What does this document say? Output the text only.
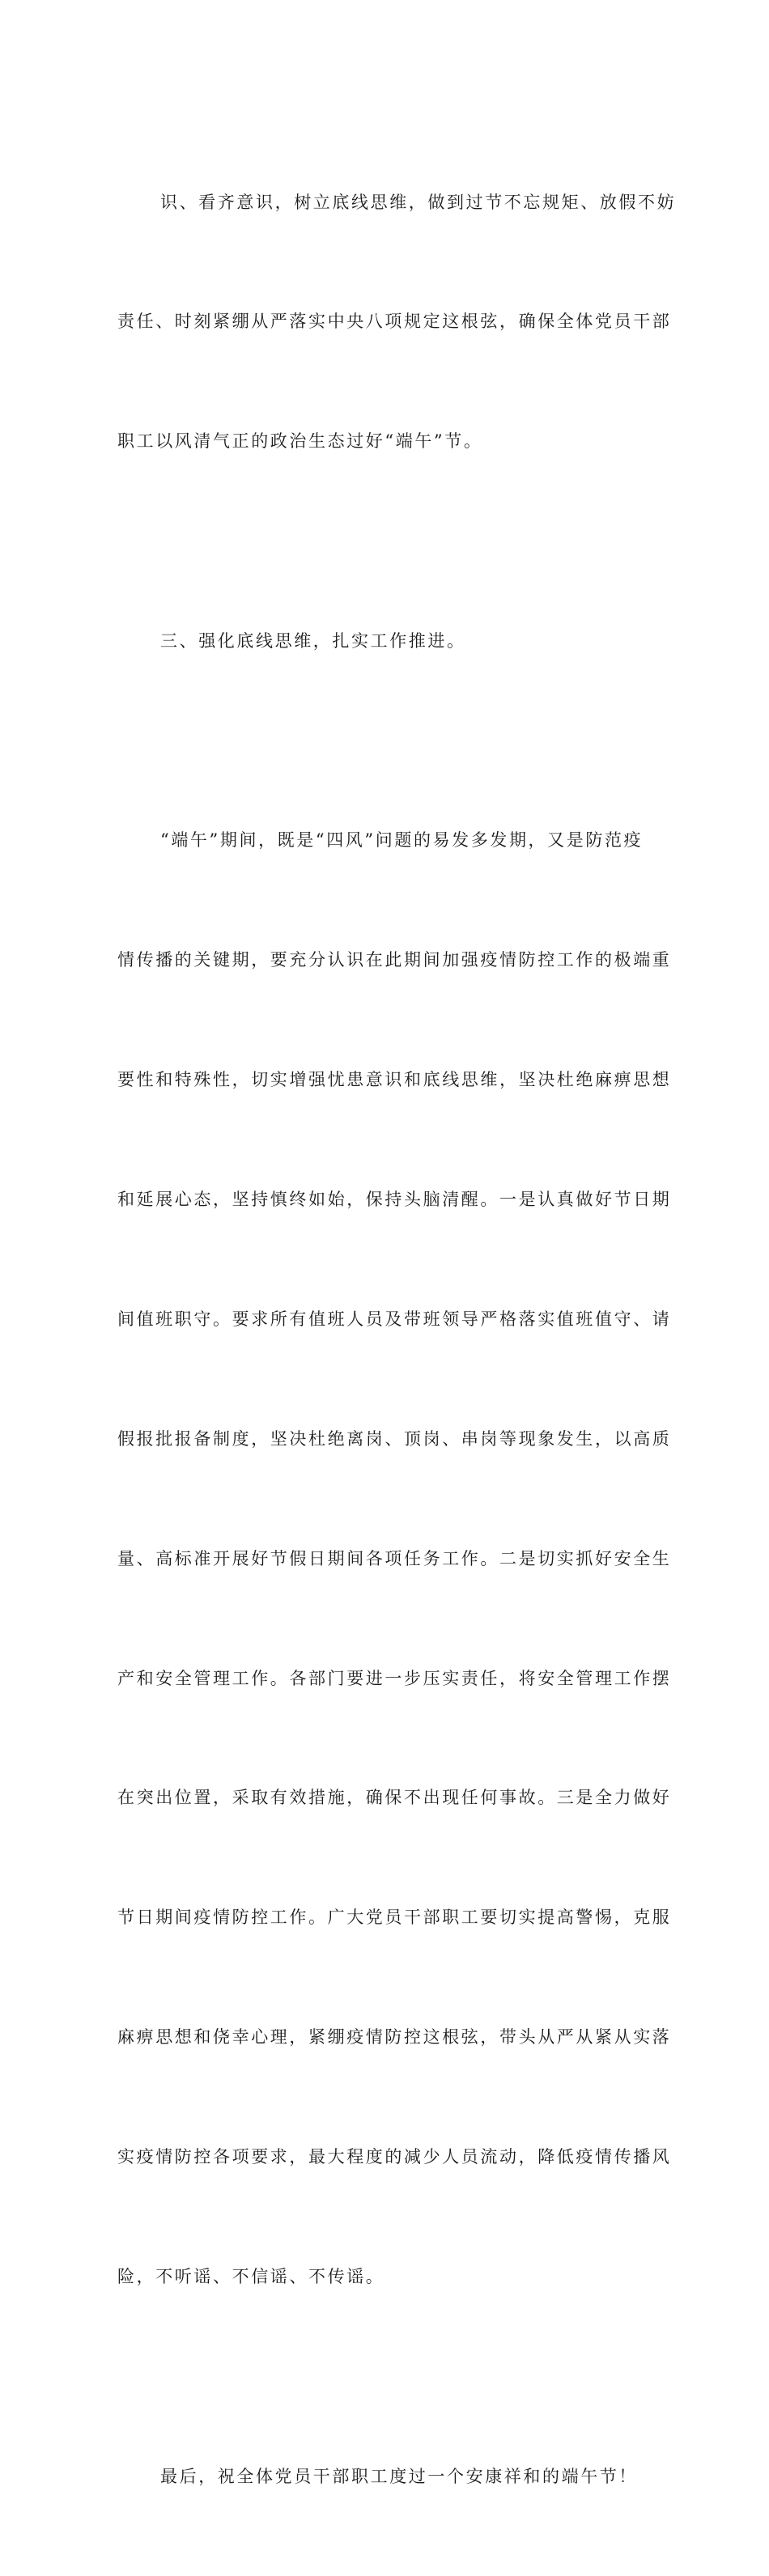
识、看齐意识，树立底线思维，做到过节不忘规矩、放假不妨

责任、时刻紧绷从严落实中央八项规定这根弦，确保全体党员干部

职工以风清气正的政治生态过好“端午”节。

三、强化底线思维，扎实工作推进。

“端午”期间，既是“四风”问题的易发多发期，又是防范疫

情传播的关键期，要充分认识在此期间加强疫情防控工作的极端重

要性和特殊性，切实增强忧患意识和底线思维，坚决杜绝麻痹思想

和延展心态，坚持慎终如始，保持头脑清醒。一是认真做好节日期

间值班职守。要求所有值班人员及带班领导严格落实值班值守、请

假报批报备制度，坚决杜绝离岗、顶岗、串岗等现象发生，以高质

量、高标准开展好节假日期间各项任务工作。二是切实抓好安全生

产和安全管理工作。各部门要进一步压实责任，将安全管理工作摆

在突出位置，采取有效措施，确保不出现任何事故。三是全力做好

节日期间疫情防控工作。广大党员干部职工要切实提高警惕，克服

麻痹思想和侥幸心理，紧绷疫情防控这根弦，带头从严从紧从实落

实疫情防控各项要求，最大程度的减少人员流动，降低疫情传播风

险，不听谣、不信谣、不传谣。

最后，祝全体党员干部职工度过一个安康祥和的端午节！
